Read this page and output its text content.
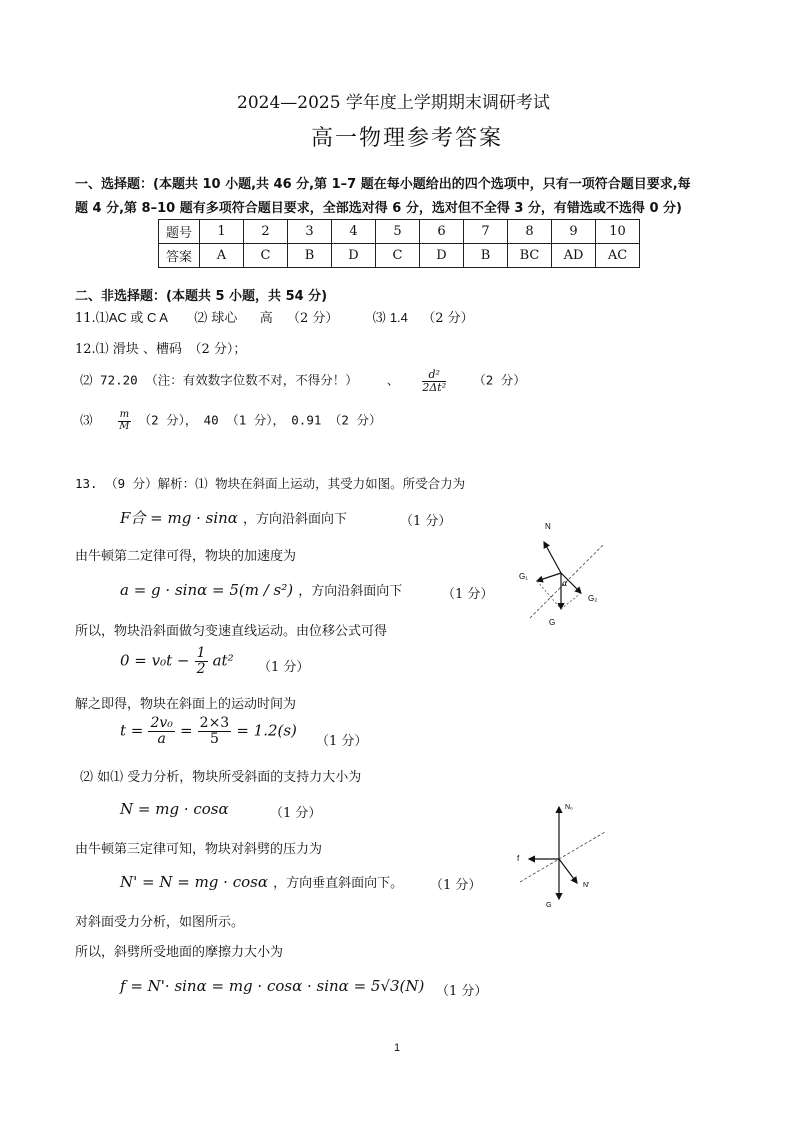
2024—2025 学年度上学期期末调研考试
高一物理参考答案
一、选择题：(本题共 10 小题,共 46 分,第 1–7 题在每小题给出的四个选项中，只有一项符合题目要求,每
题 4 分,第 8–10 题有多项符合题目要求，全部选对得 6 分，选对但不全得 3 分，有错选或不选得 0 分)
题号	1	2	3	4	5	6	7	8	9	10
答案	A	C	B	D	C	D	B	BC	AD	AC
二、非选择题：(本题共 5 小题，共 54 分)
11.⑴AC 或 C A ⑵ 球心 高 （2 分）	⑶ 1.4 （2 分）
12.⑴ 滑块 、槽码　（2 分）；
⑵ 72.20 （注：有效数字位数不对，不得分！） 、 $\frac{\text{d²}}{\text{2Δt²}} (2$ 分）
⑶	$\frac{m}{M} (2$ 分），　40 （1 分），　0.91 （2 分）
13. （9 分）解析：⑴ 物块在斜面上运动，其受力如图。所受合力为
F合 = mg · sinα ，方向沿斜面向下	（1 分）
由牛顿第二定律可得，物块的加速度为
a = g · sinα = 5(m / s²) ，方向沿斜面向下	（1 分）
所以，物块沿斜面做匀变速直线运动。由位移公式可得
$0 = v_0t - \frac{1}{2} at^2$ （1 分）
解之即得，物块在斜面上的运动时间为
$t = \frac{\text{2v₀}}{a} = \frac{2\times 3}{5} = 1.2(s)$
（1 分）
⑵ 如⑴ 受力分析，物块所受斜面的支持力大小为
N = mg · cosα	（1 分）
由牛顿第三定律可知，物块对斜劈的压力为
N' = N = mg · cosα ，方向垂直斜面向下。 （1 分）
对斜面受力分析，如图所示。
所以，斜劈所受地面的摩擦力大小为
f = N'· sinα = mg · cosα · sinα = 5√3(N) （1 分）
N
G₁
α
G₂
G
N₀
f
N'
G
1
